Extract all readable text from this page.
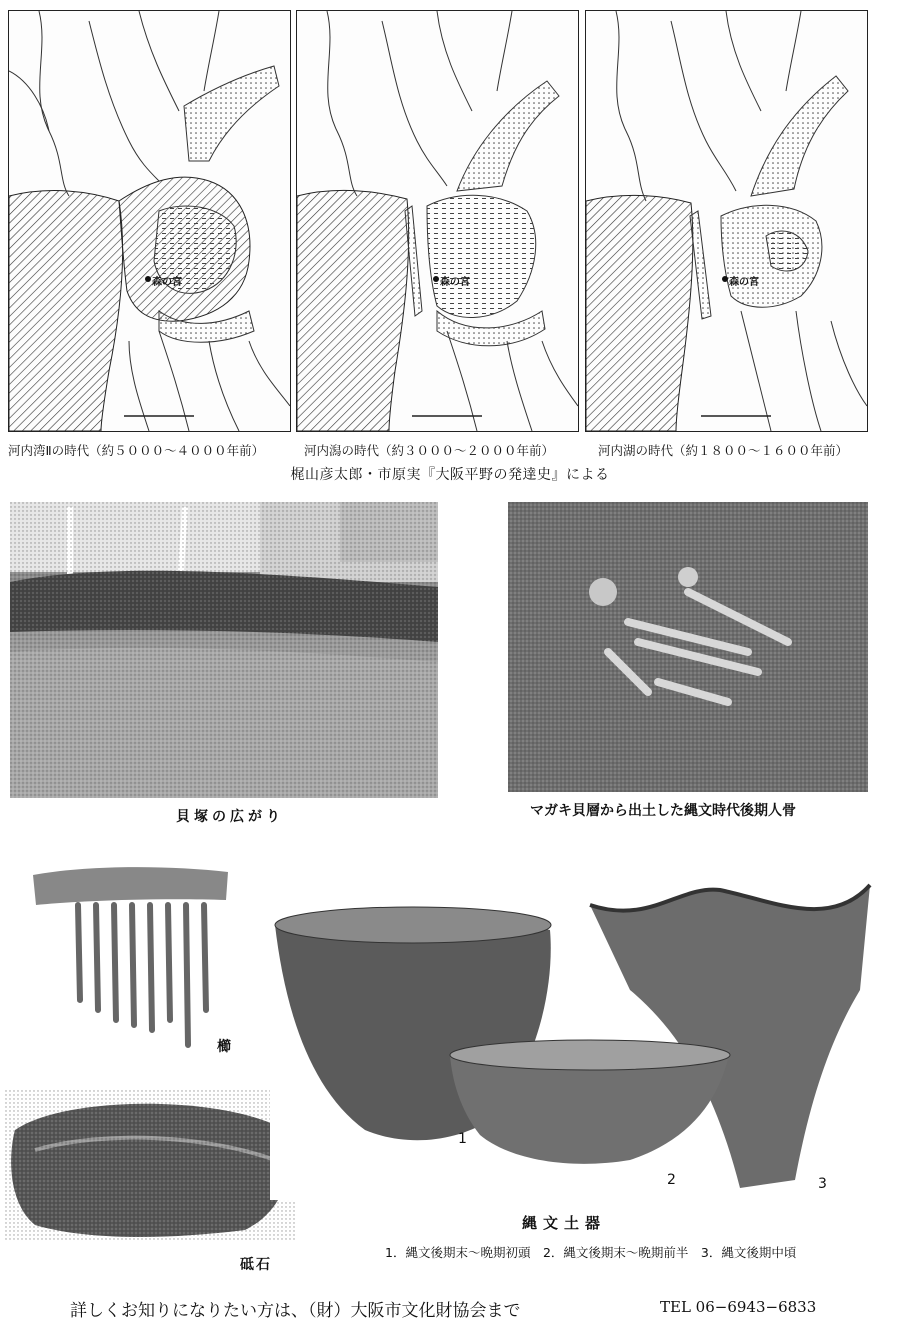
森の宮	森の宮	森の宮
河内湾Ⅱの時代（約５０００～４０００年前）	河内潟の時代（約３０００～２０００年前）	河内湖の時代（約１８００～１６００年前）
梶山彦太郎・市原実『大阪平野の発達史』による
貝塚の広がり	マガキ貝層から出土した縄文時代後期人骨
櫛
砥石
1
2	3
縄文土器
1．縄文後期末～晩期初頭　2．縄文後期末～晩期前半　3．縄文後期中頃
詳しくお知りになりたい方は、（財）大阪市文化財協会まで	TEL 06−6943−6833
